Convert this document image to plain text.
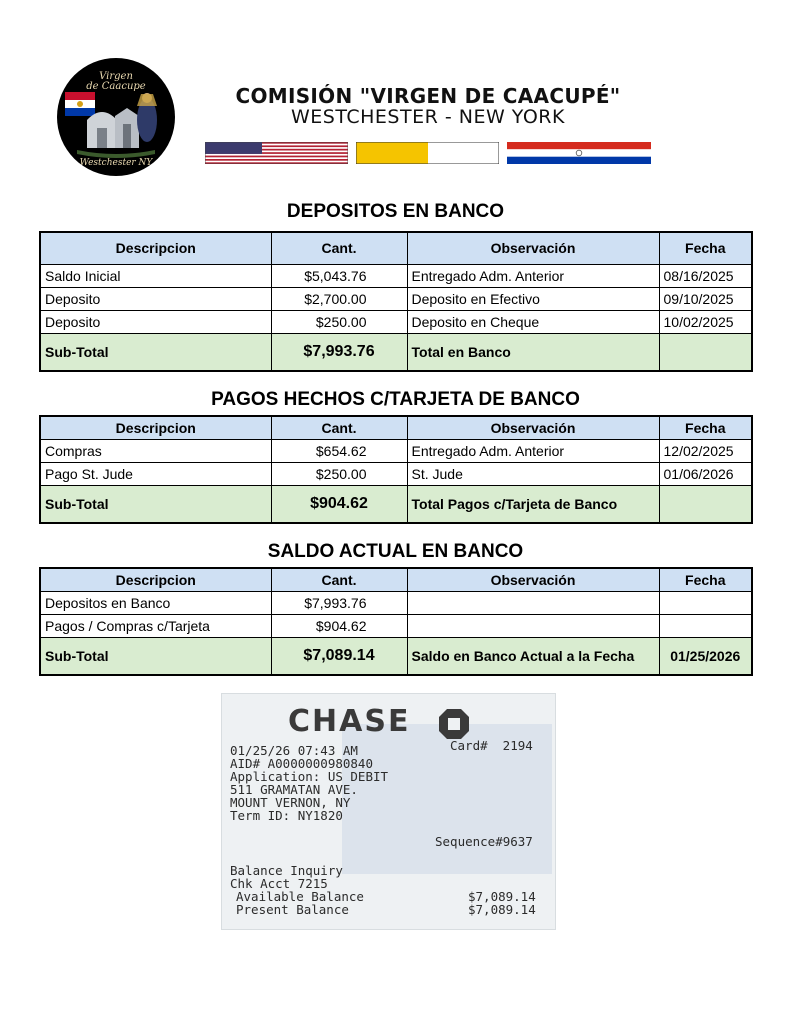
Virgen
de Caacupe
Westchester NY
COMISIÓN "VIRGEN DE CAACUPÉ"
WESTCHESTER - NEW YORK
DEPOSITOS EN BANCO
Descripcion	Cant.	Observación	Fecha
Saldo Inicial	$5,043.76	Entregado Adm. Anterior	08/16/2025
Deposito	$2,700.00	Deposito en Efectivo	09/10/2025
Deposito	$250.00	Deposito en Cheque	10/02/2025
Sub-Total	$7,993.76	Total en Banco	
PAGOS HECHOS C/TARJETA DE BANCO
Descripcion	Cant.	Observación	Fecha
Compras	$654.62	Entregado Adm. Anterior	12/02/2025
Pago St. Jude	$250.00	St. Jude	01/06/2026
Sub-Total	$904.62	Total Pagos c/Tarjeta de Banco	
SALDO ACTUAL EN BANCO
Descripcion	Cant.	Observación	Fecha
Depositos en Banco	$7,993.76		
Pagos / Compras c/Tarjeta	$904.62		
Sub-Total	$7,089.14	Saldo en Banco Actual a la Fecha	01/25/2026
CHASE
01/25/26 07:43 AM	Card#  2194
AID# A0000000980840
Application: US DEBIT
511 GRAMATAN AVE.
MOUNT VERNON, NY
Term ID: NY1820
Sequence#9637
Balance Inquiry
Chk Acct 7215
Available Balance	$7,089.14
Present Balance	$7,089.14
